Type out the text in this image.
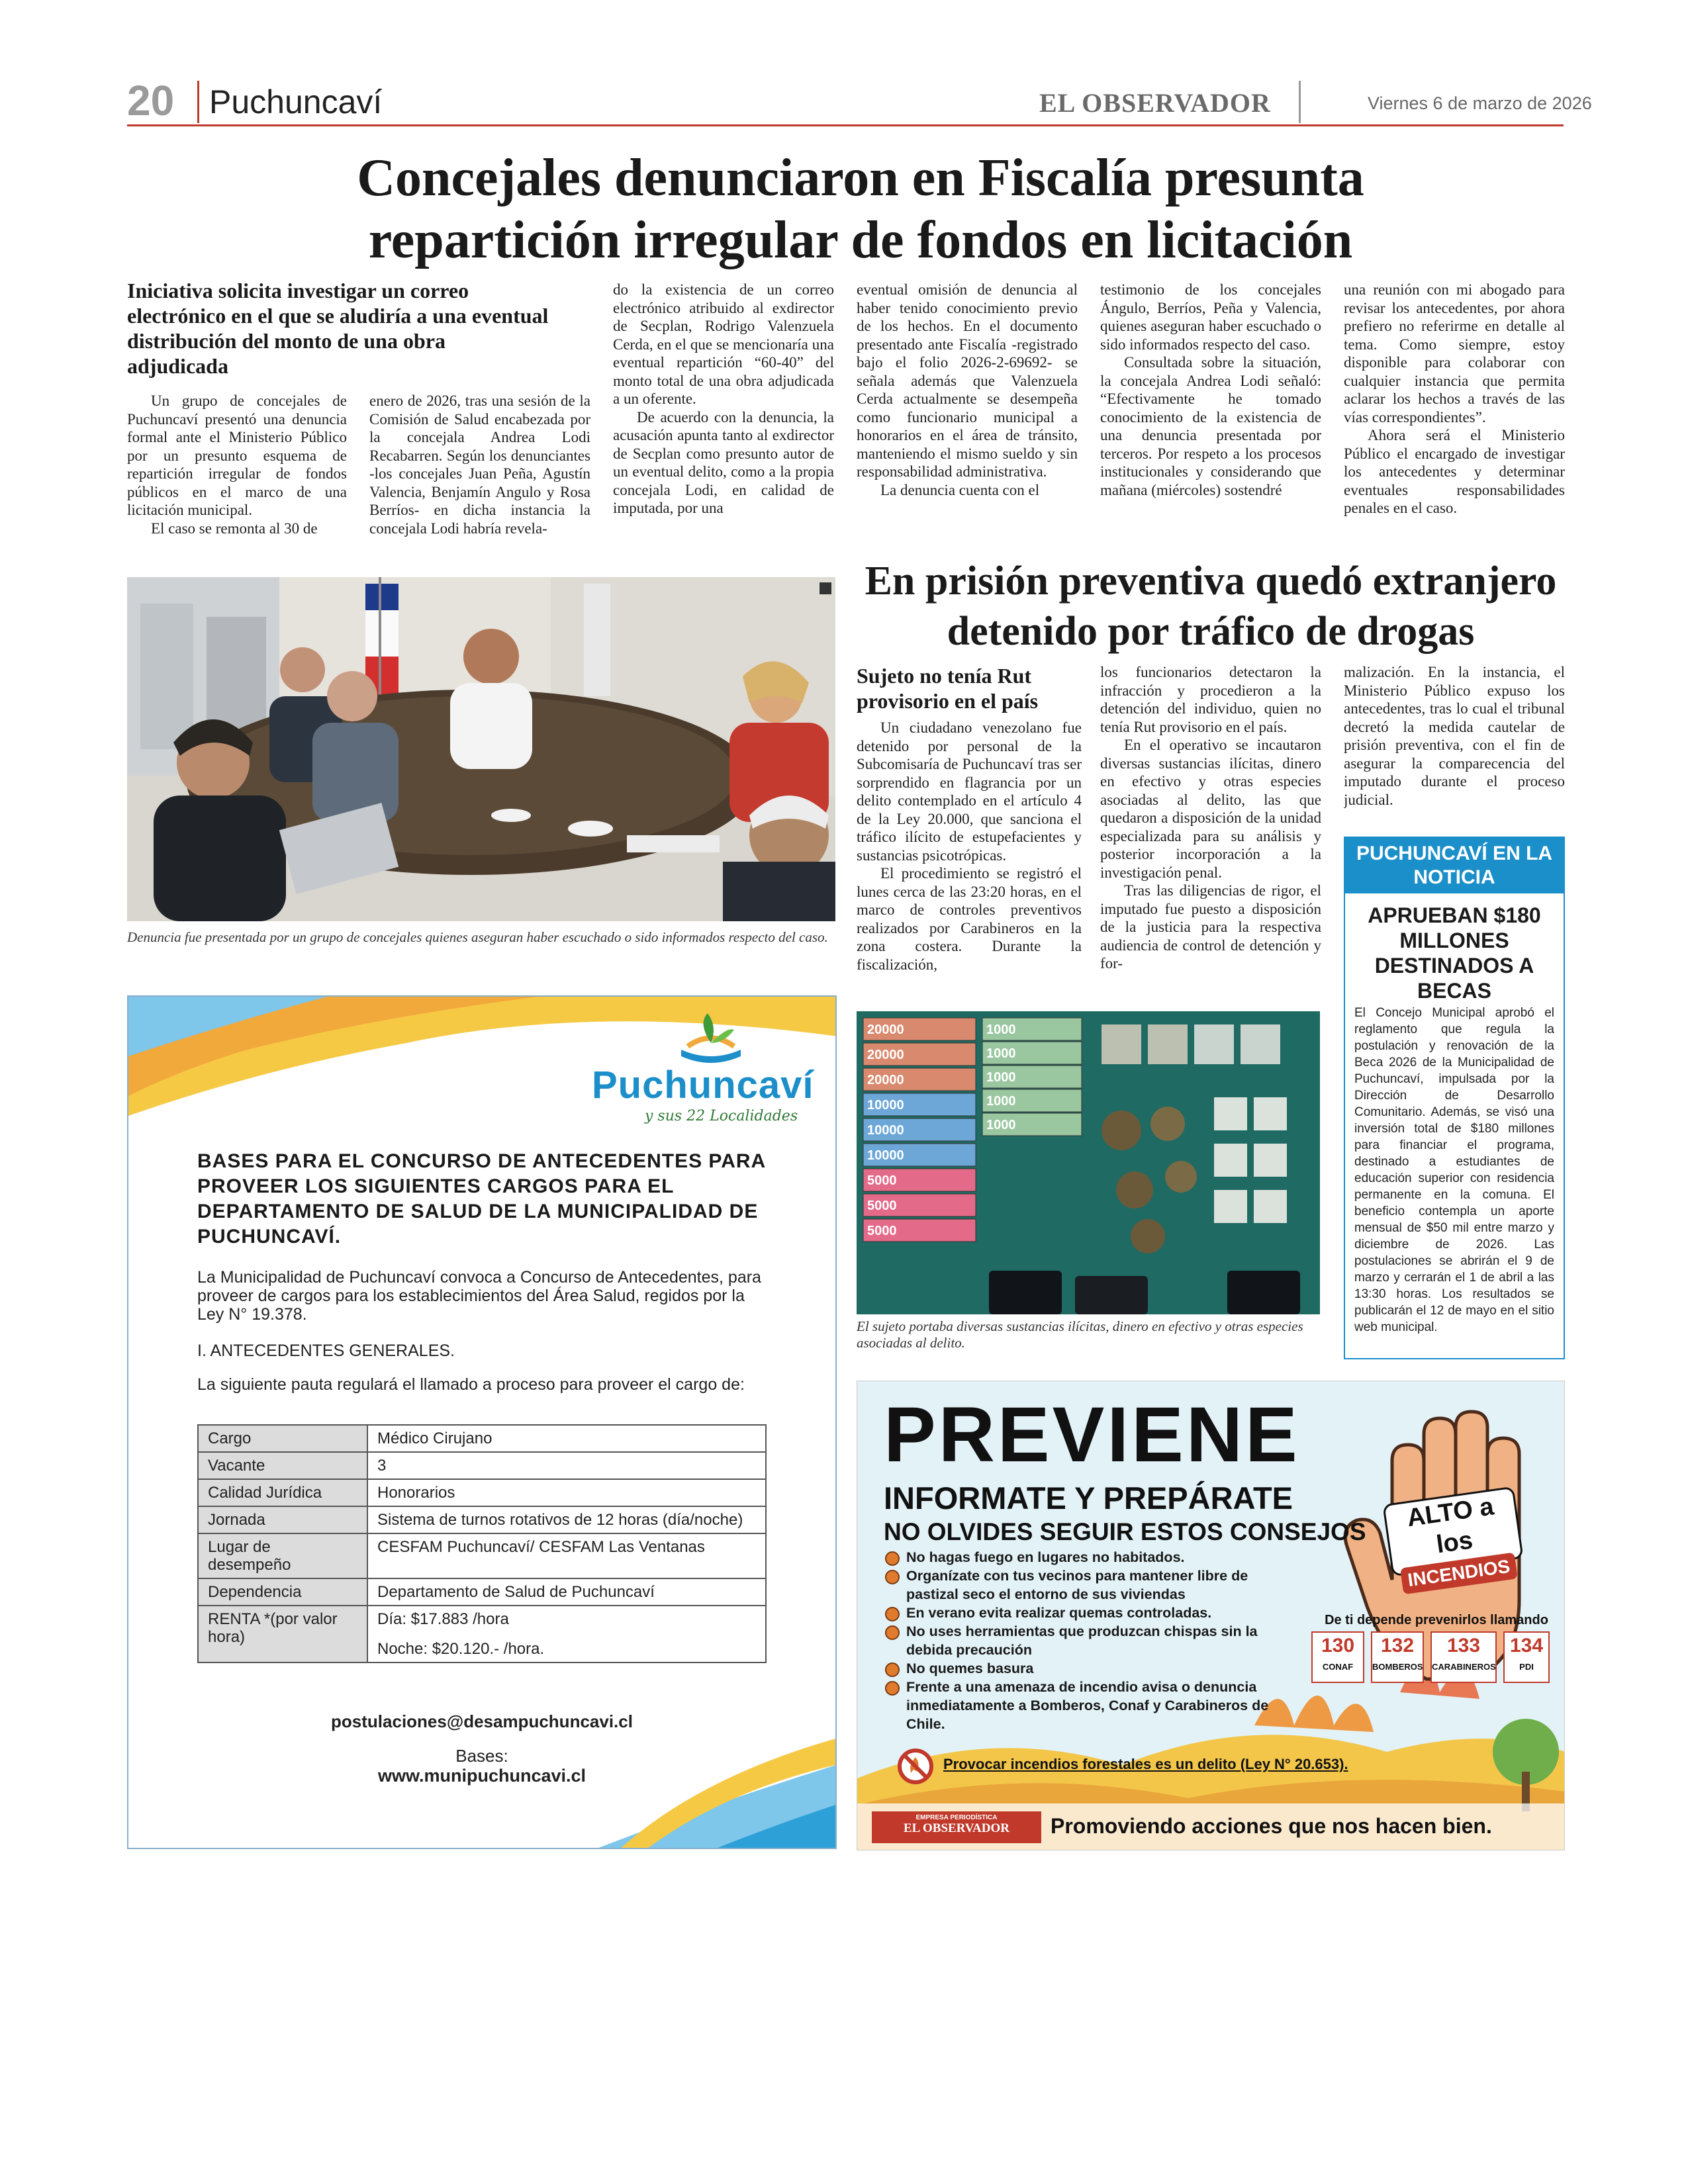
20 Puchuncaví	EL OBSERVADOR	Viernes 6 de marzo de 2026
Concejales denunciaron en Fiscalía presunta repartición irregular de fondos en licitación
Iniciativa solicita investigar un correo electrónico en el que se aludiría a una eventual distribución del monto de una obra adjudicada

Un grupo de concejales de Puchuncaví presentó una denuncia formal ante el Ministerio Público por un presunto esquema de repartición irregular de fondos públicos en el marco de una licitación municipal.

El caso se remonta al 30 de

enero de 2026, tras una sesión de la Comisión de Salud encabezada por la concejala Andrea Lodi Recabarren. Según los denunciantes -los concejales Juan Peña, Agustín Valencia, Benjamín Angulo y Rosa Berríos- en dicha instancia la concejala Lodi habría revela-

do la existencia de un correo electrónico atribuido al exdirector de Secplan, Rodrigo Valenzuela Cerda, en el que se mencionaría una eventual repartición “60-40” del monto total de una obra adjudicada a un oferente.

De acuerdo con la denuncia, la acusación apunta tanto al exdirector de Secplan como presunto autor de un eventual delito, como a la propia concejala Lodi, en calidad de imputada, por una

eventual omisión de denuncia al haber tenido conocimiento previo de los hechos. En el documento presentado ante Fiscalía -registrado bajo el folio 2026-2-69692- se señala además que Valenzuela Cerda actualmente se desempeña como funcionario municipal a honorarios en el área de tránsito, manteniendo el mismo sueldo y sin responsabilidad administrativa.

La denuncia cuenta con el

testimonio de los concejales Ángulo, Berríos, Peña y Valencia, quienes aseguran haber escuchado o sido informados respecto del caso.

Consultada sobre la situación, la concejala Andrea Lodi señaló: “Efectivamente he tomado conocimiento de la existencia de una denuncia presentada por terceros. Por respeto a los procesos institucionales y considerando que mañana (miércoles) sostendré

una reunión con mi abogado para revisar los antecedentes, por ahora prefiero no referirme en detalle al tema. Como siempre, estoy disponible para colaborar con cualquier instancia que permita aclarar los hechos a través de las vías correspondientes”.

Ahora será el Ministerio Público el encargado de investigar los antecedentes y determinar eventuales responsabilidades penales en el caso.

Denuncia fue presentada por un grupo de concejales quienes aseguran haber escuchado o sido informados respecto del caso.
En prisión preventiva quedó extranjero detenido por tráfico de drogas
Sujeto no tenía Rut provisorio en el país

Un ciudadano venezolano fue detenido por personal de la Subcomisaría de Puchuncaví tras ser sorprendido en flagrancia por un delito contemplado en el artículo 4 de la Ley 20.000, que sanciona el tráfico ilícito de estupefacientes y sustancias psicotrópicas.

El procedimiento se registró el lunes cerca de las 23:20 horas, en el marco de controles preventivos realizados por Carabineros en la zona costera. Durante la fiscalización,

los funcionarios detectaron la infracción y procedieron a la detención del individuo, quien no tenía Rut provisorio en el país.

En el operativo se incautaron diversas sustancias ilícitas, dinero en efectivo y otras especies asociadas al delito, las que quedaron a disposición de la unidad especializada para su análisis y posterior incorporación a la investigación penal.

Tras las diligencias de rigor, el imputado fue puesto a disposición de la justicia para la respectiva audiencia de control de detención y for-

malización. En la instancia, el Ministerio Público expuso los antecedentes, tras lo cual el tribunal decretó la medida cautelar de prisión preventiva, con el fin de asegurar la comparecencia del imputado durante el proceso judicial.

20000
20000
20000
10000
10000
10000
5000
5000
5000
1000
1000
1000
1000
1000
El sujeto portaba diversas sustancias ilícitas, dinero en efectivo y otras especies asociadas al delito.
PUCHUNCAVÍ EN LA NOTICIA
APRUEBAN $180 MILLONES DESTINADOS A BECAS
El Concejo Municipal aprobó el reglamento que regula la postulación y renovación de la Beca 2026 de la Municipalidad de Puchuncaví, impulsada por la Dirección de Desarrollo Comunitario. Además, se visó una inversión total de $180 millones para financiar el programa, destinado a estudiantes de educación superior con residencia permanente en la comuna. El beneficio contempla un aporte mensual de $50 mil entre marzo y diciembre de 2026. Las postulaciones se abrirán el 9 de marzo y cerrarán el 1 de abril a las 13:30 horas. Los resultados se publicarán el 12 de mayo en el sitio web municipal.
Puchuncaví
y sus 22 Localidades
BASES PARA EL CONCURSO DE ANTECEDENTES PARA PROVEER LOS SIGUIENTES CARGOS PARA EL DEPARTAMENTO DE SALUD DE LA MUNICIPALIDAD DE PUCHUNCAVÍ.
La Municipalidad de Puchuncaví convoca a Concurso de Antecedentes, para proveer de cargos para los establecimientos del Área Salud, regidos por la Ley N° 19.378.
I. ANTECEDENTES GENERALES.
La siguiente pauta regulará el llamado a proceso para proveer el cargo de:
Cargo	Médico Cirujano
Vacante	3
Calidad Jurídica	Honorarios
Jornada	Sistema de turnos rotativos de 12 horas (día/noche)
Lugar de desempeño	CESFAM Puchuncaví/ CESFAM Las Ventanas
Dependencia	Departamento de Salud de Puchuncaví
RENTA *(por valor hora)	Día: $17.883 /hora
Noche: $20.120.- /hora.
postulaciones@desampuchuncavi.cl
Bases:
www.munipuchuncavi.cl
PREVIENE
INFORMATE Y PREPÁRATE
NO OLVIDES SEGUIR ESTOS CONSEJOS
No hagas fuego en lugares no habitados.
Organízate con tus vecinos para mantener libre de pastizal seco el entorno de sus viviendas
En verano evita realizar quemas controladas.
No uses herramientas que produzcan chispas sin la debida precaución
No quemes basura
Frente a una amenaza de incendio avisa o denuncia inmediatamente a Bomberos, Conaf y Carabineros de Chile.
ALTO a los
INCENDIOS
De ti depende prevenirlos llamando
130
CONAF
132
BOMBEROS
133
CARABINEROS
134
PDI
Provocar incendios forestales es un delito (Ley N° 20.653).
EMPRESA PERIODÍSTICA
EL OBSERVADOR	Promoviendo acciones que nos hacen bien.
